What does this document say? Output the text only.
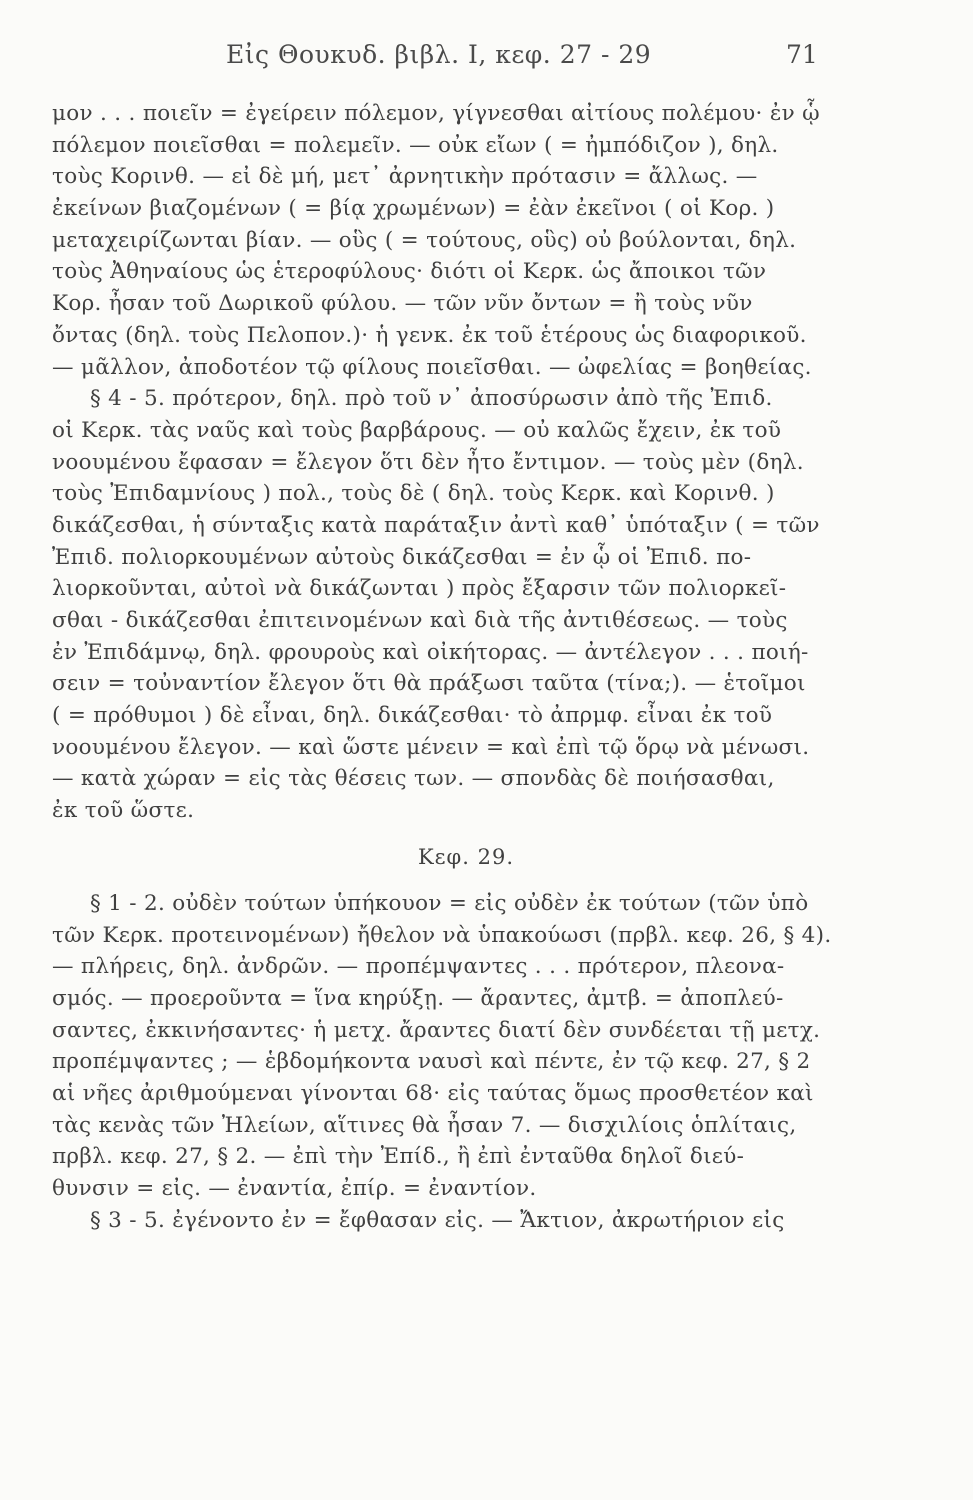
Εἰς Θουκυδ. βιβλ. Ι, κεφ. 27 - 29	71
μον . . . ποιεῖν = ἐγείρειν πόλεμον, γίγνεσθαι αἰτίους πολέμου· ἐν ᾧ
πόλεμον ποιεῖσθαι = πολεμεῖν. — οὐκ εἴων ( = ἠμπόδιζον ), δηλ.
τοὺς Κορινθ. — εἰ δὲ μή, μετ᾽ ἀρνητικὴν πρότασιν = ἄλλως. —
ἐκείνων βιαζομένων ( = βίᾳ χρωμένων) = ἐὰν ἐκεῖνοι ( οἱ Κορ. )
μεταχειρίζωνται βίαν. — οὓς ( = τούτους, οὓς) οὐ βούλονται, δηλ.
τοὺς Ἀθηναίους ὡς ἑτεροφύλους· διότι οἱ Κερκ. ὡς ἄποικοι τῶν
Κορ. ἦσαν τοῦ Δωρικοῦ φύλου. — τῶν νῦν ὄντων = ἢ τοὺς νῦν
ὄντας (δηλ. τοὺς Πελοπον.)· ἡ γενκ. ἐκ τοῦ ἑτέρους ὡς διαφορικοῦ.
— μᾶλλον, ἀποδοτέον τῷ φίλους ποιεῖσθαι. — ὠφελίας = βοηθείας.
§ 4 - 5. πρότερον, δηλ. πρὸ τοῦ ν᾽ ἀποσύρωσιν ἀπὸ τῆς Ἐπιδ.
οἱ Κερκ. τὰς ναῦς καὶ τοὺς βαρβάρους. — οὐ καλῶς ἔχειν, ἐκ τοῦ
νοουμένου ἔφασαν = ἔλεγον ὅτι δὲν ἦτο ἔντιμον. — τοὺς μὲν (δηλ.
τοὺς Ἐπιδαμνίους ) πολ., τοὺς δὲ ( δηλ. τοὺς Κερκ. καὶ Κορινθ. )
δικάζεσθαι, ἡ σύνταξις κατὰ παράταξιν ἀντὶ καθ᾽ ὑπόταξιν ( = τῶν
Ἐπιδ. πολιορκουμένων αὐτοὺς δικάζεσθαι = ἐν ᾧ οἱ Ἐπιδ. πο-
λιορκοῦνται, αὐτοὶ νὰ δικάζωνται ) πρὸς ἔξαρσιν τῶν πολιορκεῖ-
σθαι - δικάζεσθαι ἐπιτεινομένων καὶ διὰ τῆς ἀντιθέσεως. — τοὺς
ἐν Ἐπιδάμνῳ, δηλ. φρουροὺς καὶ οἰκήτορας. — ἀντέλεγον . . . ποιή-
σειν = τοὐναντίον ἔλεγον ὅτι θὰ πράξωσι ταῦτα (τίνα;). — ἑτοῖμοι
( = πρόθυμοι ) δὲ εἶναι, δηλ. δικάζεσθαι· τὸ ἀπρμφ. εἶναι ἐκ τοῦ
νοουμένου ἔλεγον. — καὶ ὥστε μένειν = καὶ ἐπὶ τῷ ὅρῳ νὰ μένωσι.
— κατὰ χώραν = εἰς τὰς θέσεις των. — σπονδὰς δὲ ποιήσασθαι,
ἐκ τοῦ ὥστε.
Κεφ. 29.
§ 1 - 2. οὐδὲν τούτων ὑπήκουον = εἰς οὐδὲν ἐκ τούτων (τῶν ὑπὸ
τῶν Κερκ. προτεινομένων) ἤθελον νὰ ὑπακούωσι (πρβλ. κεφ. 26, § 4).
— πλήρεις, δηλ. ἀνδρῶν. — προπέμψαντες . . . πρότερον, πλεονα-
σμός. — προεροῦντα = ἵνα κηρύξῃ. — ἄραντες, ἀμτβ. = ἀποπλεύ-
σαντες, ἐκκινήσαντες· ἡ μετχ. ἄραντες διατί δὲν συνδέεται τῇ μετχ.
προπέμψαντες ; — ἑβδομήκοντα ναυσὶ καὶ πέντε, ἐν τῷ κεφ. 27, § 2
αἱ νῆες ἀριθμούμεναι γίνονται 68· εἰς ταύτας ὅμως προσθετέον καὶ
τὰς κενὰς τῶν Ἠλείων, αἵτινες θὰ ἦσαν 7. — δισχιλίοις ὁπλίταις,
πρβλ. κεφ. 27, § 2. — ἐπὶ τὴν Ἐπίδ., ἢ ἐπὶ ἐνταῦθα δηλοῖ διεύ-
θυνσιν = εἰς. — ἐναντία, ἐπίρ. = ἐναντίον.
§ 3 - 5. ἐγένοντο ἐν = ἔφθασαν εἰς. — Ἄκτιον, ἀκρωτήριον εἰς
